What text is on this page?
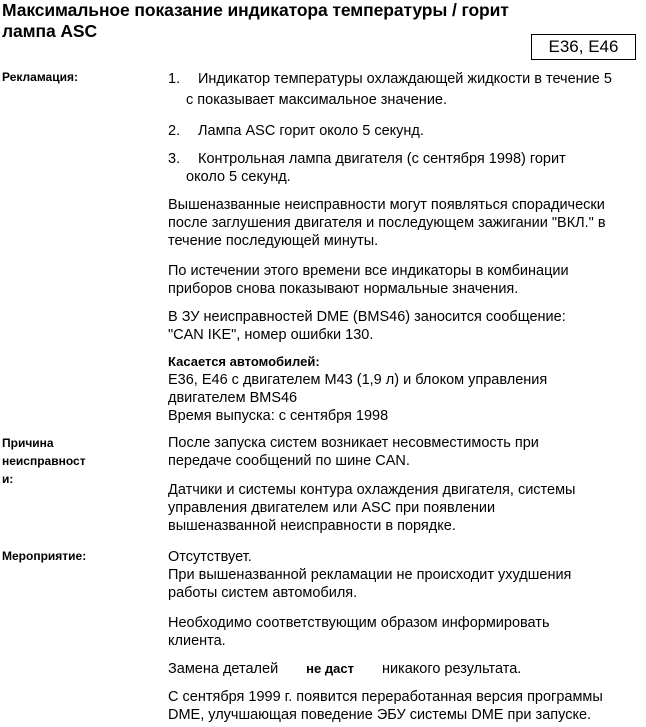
Максимальное показание индикатора температуры / горит
лампа ASC
E36, E46
Рекламация:	1.	Индикатор температуры охлаждающей жидкости в течение 5
с показывает максимальное значение.
2.	Лампа ASC горит около 5 секунд.
3.	Контрольная лампа двигателя (с сентября 1998) горит
около 5 секунд.
Вышеназванные неисправности могут появляться спорадически
после заглушения двигателя и последующем зажигании "ВКЛ." в
течение последующей минуты.
По истечении этого времени все индикаторы в комбинации
приборов снова показывают нормальные значения.
В ЗУ неисправностей DME (BMS46) заносится сообщение:
"CAN IKE", номер ошибки 130.
Касается автомобилей:
E36, E46 с двигателем M43 (1,9 л) и блоком управления
двигателем BMS46
Время выпуска: с сентября 1998
Причина
неисправност
и:
После запуска систем возникает несовместимость при
передаче сообщений по шине CAN.
Датчики и системы контура охлаждения двигателя, системы
управления двигателем или ASC при появлении
вышеназванной неисправности в порядке.
Мероприятие:	Отсутствует.
При вышеназванной рекламации не происходит ухудшения
работы систем автомобиля.
Необходимо соответствующим образом информировать
клиента.
Замена деталей не даст никакого результата.
С сентября 1999 г. появится переработанная версия программы
DME, улучшающая поведение ЭБУ системы DME при запуске.
